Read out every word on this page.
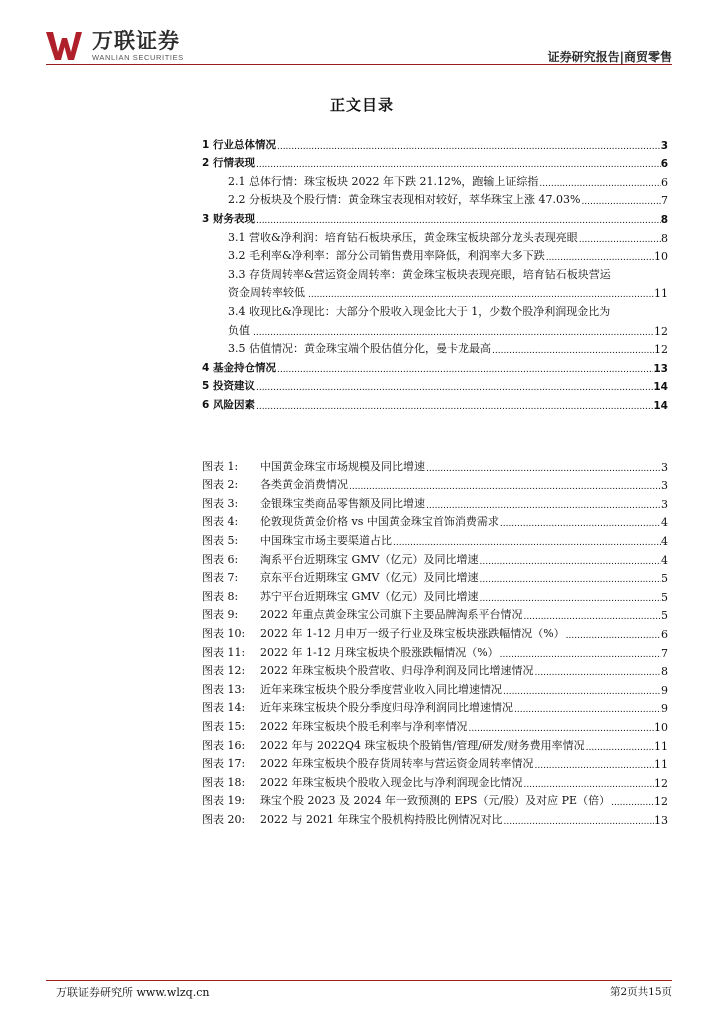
万联证券
WANLIAN SECURITIES	证券研究报告|商贸零售
正文目录
1 行业总体情况 .....	3
2 行情表现 .....	6
2.1 总体行情：珠宝板块 2022 年下跌 21.12%，跑输上证综指 .....	6
2.2 分板块及个股行情：黄金珠宝表现相对较好，萃华珠宝上涨 47.03% .....	7
3 财务表现 .....	8
3.1 营收&净利润：培育钻石板块承压，黄金珠宝板块部分龙头表现亮眼 .....	8
3.2 毛利率&净利率：部分公司销售费用率降低，利润率大多下跌 .....	10
3.3 存货周转率&营运资金周转率：黄金珠宝板块表现亮眼，培育钻石板块营运
资金周转率较低 .....	11
3.4 收现比&净现比：大部分个股收入现金比大于 1，少数个股净利润现金比为
负值 .....	12
3.5 估值情况：黄金珠宝端个股估值分化，曼卡龙最高 .....	12
4 基金持仓情况 .....	13
5 投资建议 .....	14
6 风险因素 .....	14
图表 1:	中国黄金珠宝市场规模及同比增速 .....	3
图表 2:	各类黄金消费情况 .....	3
图表 3:	金银珠宝类商品零售额及同比增速 .....	3
图表 4:	伦敦现货黄金价格 vs 中国黄金珠宝首饰消费需求 .....	4
图表 5:	中国珠宝市场主要渠道占比 .....	4
图表 6:	淘系平台近期珠宝 GMV（亿元）及同比增速 .....	4
图表 7:	京东平台近期珠宝 GMV（亿元）及同比增速 .....	5
图表 8:	苏宁平台近期珠宝 GMV（亿元）及同比增速 .....	5
图表 9:	2022 年重点黄金珠宝公司旗下主要品牌淘系平台情况 .....	5
图表 10:	2022 年 1-12 月申万一级子行业及珠宝板块涨跌幅情况（%） .....	6
图表 11:	2022 年 1-12 月珠宝板块个股涨跌幅情况（%） .....	7
图表 12:	2022 年珠宝板块个股营收、归母净利润及同比增速情况 .....	8
图表 13:	近年来珠宝板块个股分季度营业收入同比增速情况 .....	9
图表 14:	近年来珠宝板块个股分季度归母净利润同比增速情况 .....	9
图表 15:	2022 年珠宝板块个股毛利率与净利率情况 .....	10
图表 16:	2022 年与 2022Q4 珠宝板块个股销售/管理/研发/财务费用率情况 .....	11
图表 17:	2022 年珠宝板块个股存货周转率与营运资金周转率情况 .....	11
图表 18:	2022 年珠宝板块个股收入现金比与净利润现金比情况 .....	12
图表 19:	珠宝个股 2023 及 2024 年一致预测的 EPS（元/股）及对应 PE（倍） .....	12
图表 20:	2022 与 2021 年珠宝个股机构持股比例情况对比 .....	13
万联证券研究所 www.wlzq.cn	第2页共15页
